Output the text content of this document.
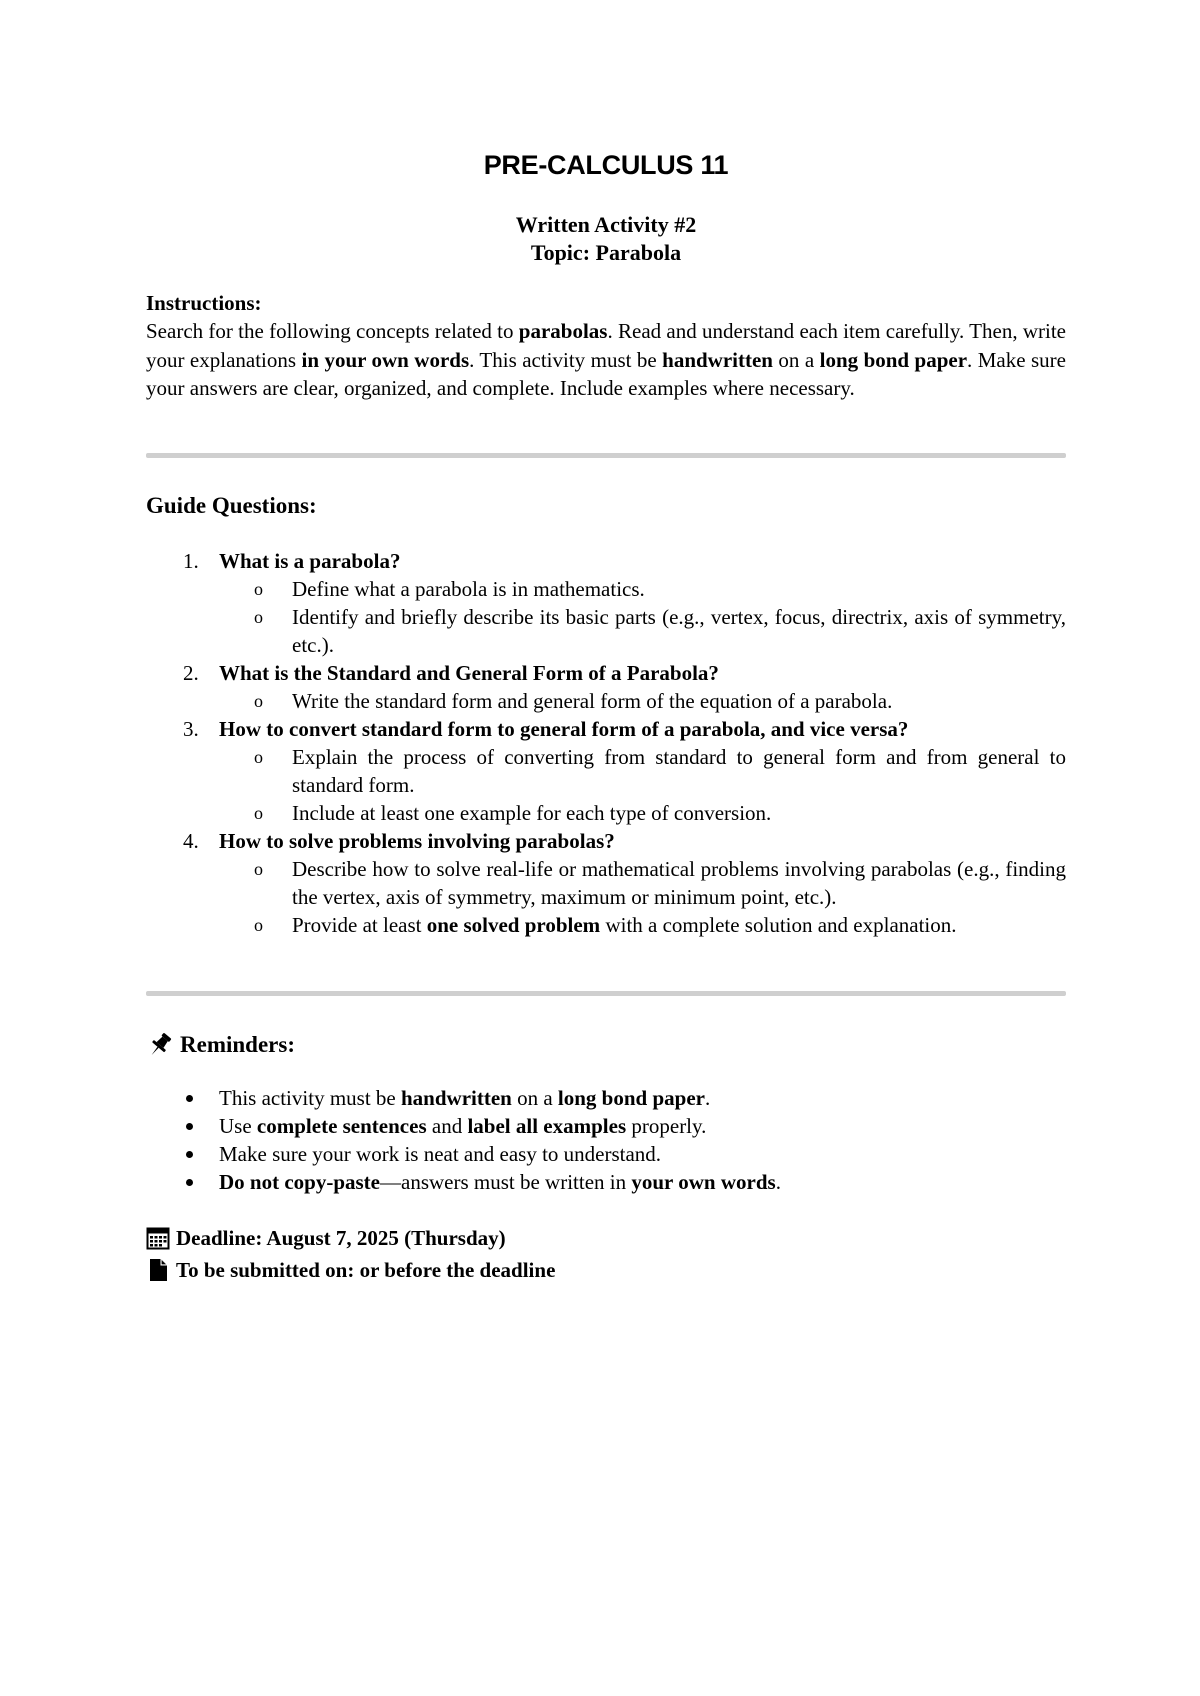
PRE-CALCULUS 11
Written Activity #2
Topic: Parabola
Instructions:
Search for the following concepts related to parabolas. Read and understand each item carefully. Then, write your explanations in your own words. This activity must be handwritten on a long bond paper. Make sure your answers are clear, organized, and complete. Include examples where necessary.
Guide Questions:
1. What is a parabola?
o Define what a parabola is in mathematics.
o Identify and briefly describe its basic parts (e.g., vertex, focus, directrix, axis of symmetry, etc.).
2. What is the Standard and General Form of a Parabola?
o Write the standard form and general form of the equation of a parabola.
3. How to convert standard form to general form of a parabola, and vice versa?
o Explain the process of converting from standard to general form and from general to standard form.
o Include at least one example for each type of conversion.
4. How to solve problems involving parabolas?
o Describe how to solve real-life or mathematical problems involving parabolas (e.g., finding the vertex, axis of symmetry, maximum or minimum point, etc.).
o Provide at least one solved problem with a complete solution and explanation.
Reminders:
This activity must be handwritten on a long bond paper.
Use complete sentences and label all examples properly.
Make sure your work is neat and easy to understand.
Do not copy-paste—answers must be written in your own words.
Deadline: August 7, 2025 (Thursday)
To be submitted on: or before the deadline
